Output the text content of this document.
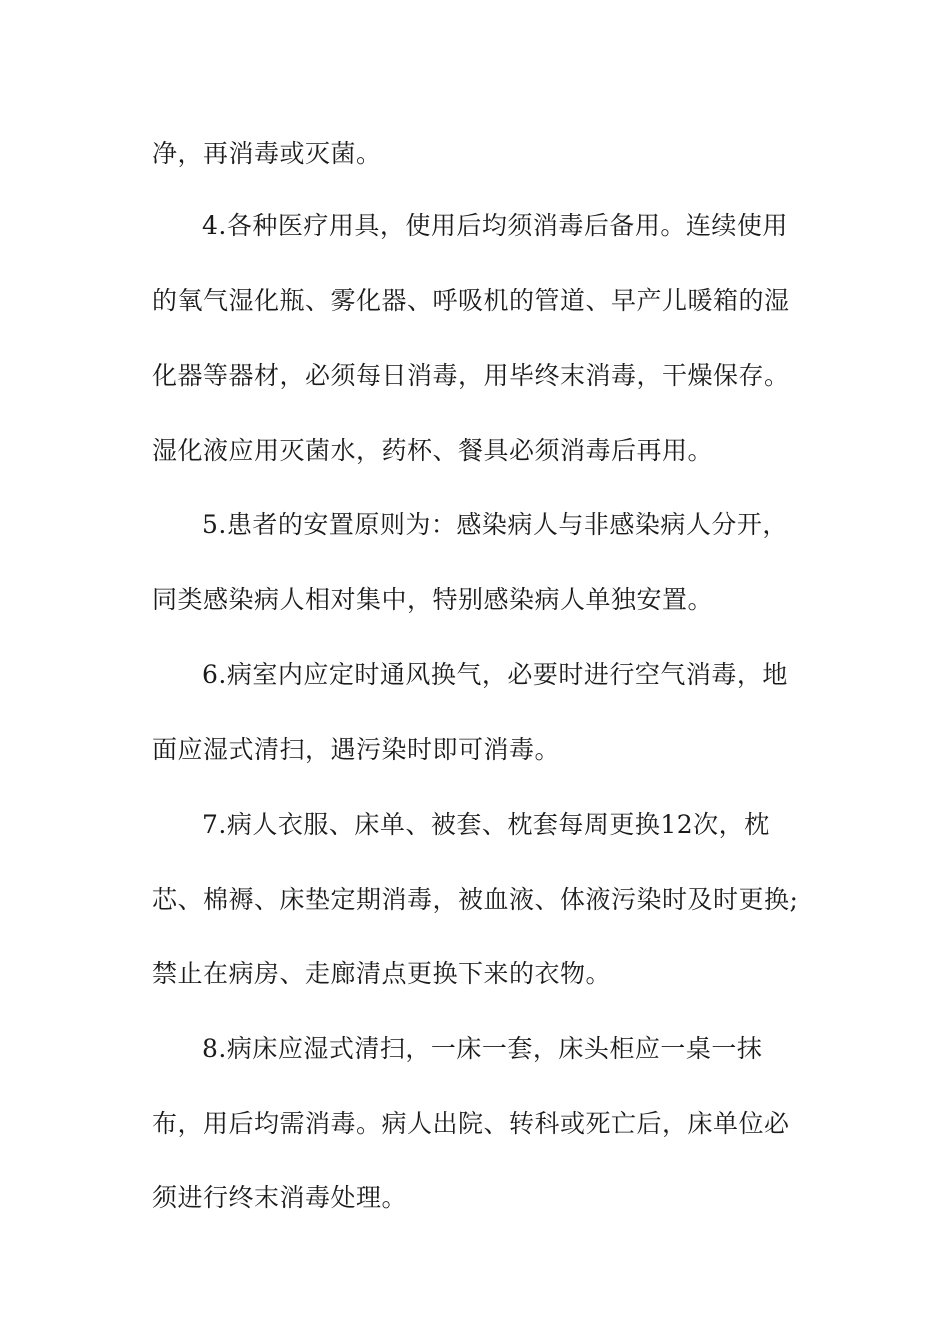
净，再消毒或灭菌。
4.各种医疗用具，使用后均须消毒后备用。连续使用
的氧气湿化瓶、雾化器、呼吸机的管道、早产儿暖箱的湿
化器等器材，必须每日消毒，用毕终末消毒，干燥保存。
湿化液应用灭菌水，药杯、餐具必须消毒后再用。
5.患者的安置原则为：感染病人与非感染病人分开，
同类感染病人相对集中，特别感染病人单独安置。
6.病室内应定时通风换气，必要时进行空气消毒，地
面应湿式清扫，遇污染时即可消毒。
7.病人衣服、床单、被套、枕套每周更换12次，枕
芯、棉褥、床垫定期消毒，被血液、体液污染时及时更换;
禁止在病房、走廊清点更换下来的衣物。
8.病床应湿式清扫，一床一套，床头柜应一桌一抹
布，用后均需消毒。病人出院、转科或死亡后，床单位必
须进行终末消毒处理。
